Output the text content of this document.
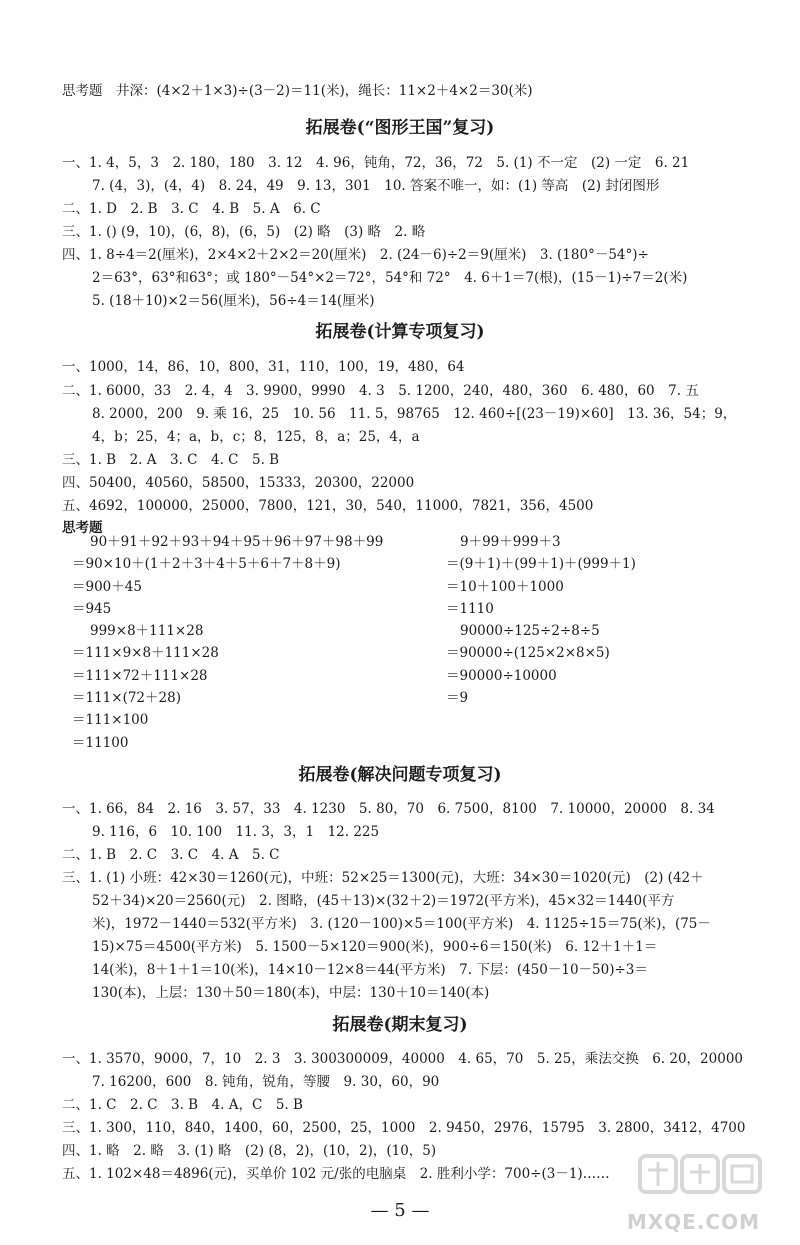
思考题　井深：(4×2＋1×3)÷(3－2)＝11(米)，绳长：11×2＋4×2＝30(米)
拓展卷(“图形王国”复习)
一、1. 4，5，3　2. 180，180　3. 12　4. 96，钝角，72，36，72　5. (1) 不一定　(2) 一定　6. 21
7. (4，3)，(4，4)　8. 24，49　9. 13，301　10. 答案不唯一，如：(1) 等高　(2) 封闭图形
二、1. D　2. B　3. C　4. B　5. A　6. C
三、1. () (9，10)，(6，8)，(6，5)　(2) 略　(3) 略　2. 略
四、1. 8÷4＝2(厘米)，2×4×2＋2×2＝20(厘米)　2. (24－6)÷2＝9(厘米)　3. (180°－54°)÷
2＝63°，63°和63°；或 180°－54°×2＝72°，54°和 72°　4. 6＋1＝7(根)，(15－1)÷7＝2(米)
5. (18＋10)×2＝56(厘米)，56÷4＝14(厘米)
拓展卷(计算专项复习)
一、1000，14，86，10，800，31，110，100，19，480，64
二、1. 6000，33　2. 4，4　3. 9900，9990　4. 3　5. 1200，240，480，360　6. 480，60　7. 五
8. 2000，200　9. 乘 16，25　10. 56　11. 5，98765　12. 460÷[(23－19)×60]　13. 36，54；9，
4，b；25，4；a，b，c；8，125，8，a；25，4，a
三、1. B　2. A　3. C　4. C　5. B
四、50400，40560，58500，15333，20300，22000
五、4692，100000，25000，7800，121，30，540，11000，7821，356，4500
思考题
90＋91＋92＋93＋94＋95＋96＋97＋98＋99
＝90×10＋(1＋2＋3＋4＋5＋6＋7＋8＋9)
＝900＋45
＝945
999×8＋111×28
＝111×9×8＋111×28
＝111×72＋111×28
＝111×(72＋28)
＝111×100
＝11100
9＋99＋999＋3
＝(9＋1)＋(99＋1)＋(999＋1)
＝10＋100＋1000
＝1110
90000÷125÷2÷8÷5
＝90000÷(125×2×8×5)
＝90000÷10000
＝9
拓展卷(解决问题专项复习)
一、1. 66，84　2. 16　3. 57，33　4. 1230　5. 80，70　6. 7500，8100　7. 10000，20000　8. 34
9. 116，6　10. 100　11. 3，3，1　12. 225
二、1. B　2. C　3. C　4. A　5. C
三、1. (1) 小班：42×30＝1260(元)，中班：52×25＝1300(元)，大班：34×30＝1020(元)　(2) (42＋
52＋34)×20＝2560(元)　2. 图略，(45＋13)×(32＋2)＝1972(平方米)，45×32＝1440(平方
米)，1972－1440＝532(平方米)　3. (120－100)×5＝100(平方米)　4. 1125÷15＝75(米)，(75－
15)×75＝4500(平方米)　5. 1500－5×120＝900(米)，900÷6＝150(米)　6. 12＋1＋1＝
14(米)，8＋1＋1＝10(米)，14×10－12×8＝44(平方米)　7. 下层：(450－10－50)÷3＝
130(本)，上层：130＋50＝180(本)，中层：130＋10＝140(本)
拓展卷(期末复习)
一、1. 3570，9000，7，10　2. 3　3. 300300009，40000　4. 65，70　5. 25，乘法交换　6. 20，20000
7. 16200，600　8. 钝角，锐角，等腰　9. 30，60，90
二、1. C　2. C　3. B　4. A，C　5. B
三、1. 300，110，840，1400，60，2500，25，1000　2. 9450，2976，15795　3. 2800，3412，4700
四、1. 略　2. 略　3. (1) 略　(2) (8，2)，(10，2)，(10，5)
五、1. 102×48＝4896(元)，买单价 102 元/张的电脑桌　2. 胜利小学：700÷(3－1)……
— 5 —	MXQE.COM
